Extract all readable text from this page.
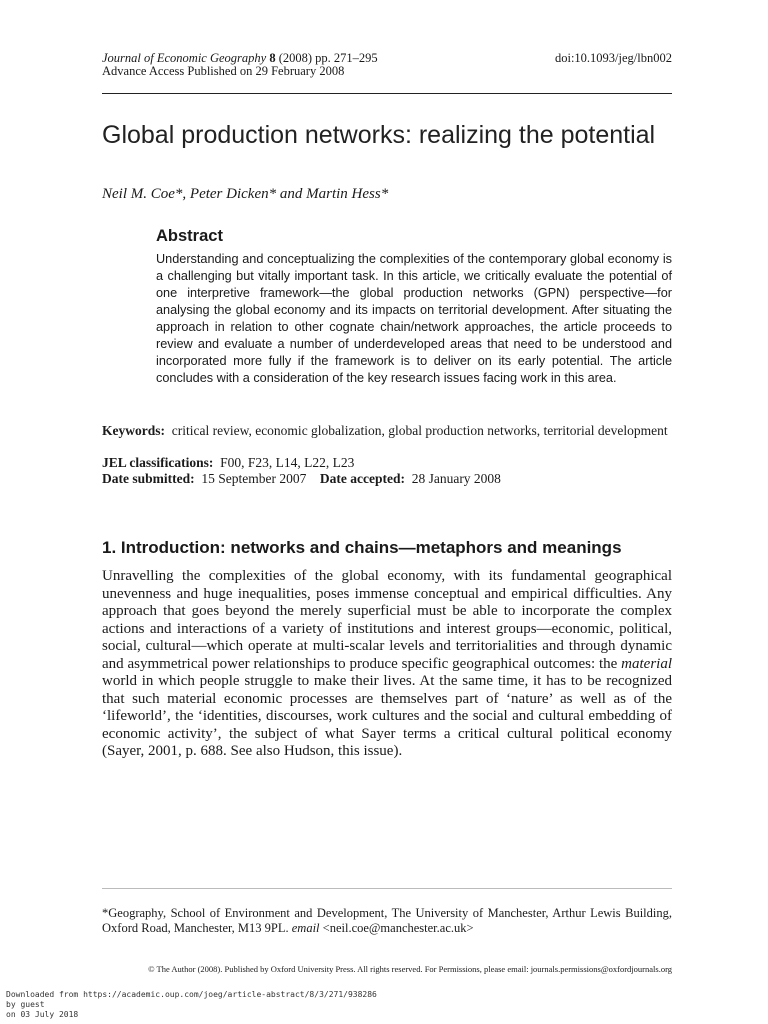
Journal of Economic Geography 8 (2008) pp. 271–295
Advance Access Published on 29 February 2008
doi:10.1093/jeg/lbn002
Global production networks: realizing the potential
Neil M. Coe*, Peter Dicken* and Martin Hess*
Abstract
Understanding and conceptualizing the complexities of the contemporary global economy is a challenging but vitally important task. In this article, we critically evaluate the potential of one interpretive framework—the global production networks (GPN) perspective—for analysing the global economy and its impacts on territorial development. After situating the approach in relation to other cognate chain/network approaches, the article proceeds to review and evaluate a number of underdeveloped areas that need to be understood and incorporated more fully if the framework is to deliver on its early potential. The article concludes with a consideration of the key research issues facing work in this area.
Keywords: critical review, economic globalization, global production networks, territorial development
JEL classifications: F00, F23, L14, L22, L23
Date submitted: 15 September 2007 Date accepted: 28 January 2008
1. Introduction: networks and chains—metaphors and meanings
Unravelling the complexities of the global economy, with its fundamental geographical unevenness and huge inequalities, poses immense conceptual and empirical difficulties. Any approach that goes beyond the merely superficial must be able to incorporate the complex actions and interactions of a variety of institutions and interest groups—economic, political, social, cultural—which operate at multi-scalar levels and territorialities and through dynamic and asymmetrical power relationships to produce specific geographical outcomes: the material world in which people struggle to make their lives. At the same time, it has to be recognized that such material economic processes are themselves part of ‘nature’ as well as of the ‘lifeworld’, the ‘identities, discourses, work cultures and the social and cultural embedding of economic activity’, the subject of what Sayer terms a critical cultural political economy (Sayer, 2001, p. 688. See also Hudson, this issue).
*Geography, School of Environment and Development, The University of Manchester, Arthur Lewis Building, Oxford Road, Manchester, M13 9PL. email <neil.coe@manchester.ac.uk>
© The Author (2008). Published by Oxford University Press. All rights reserved. For Permissions, please email: journals.permissions@oxfordjournals.org
Downloaded from https://academic.oup.com/joeg/article-abstract/8/3/271/938286
by guest
on 03 July 2018
